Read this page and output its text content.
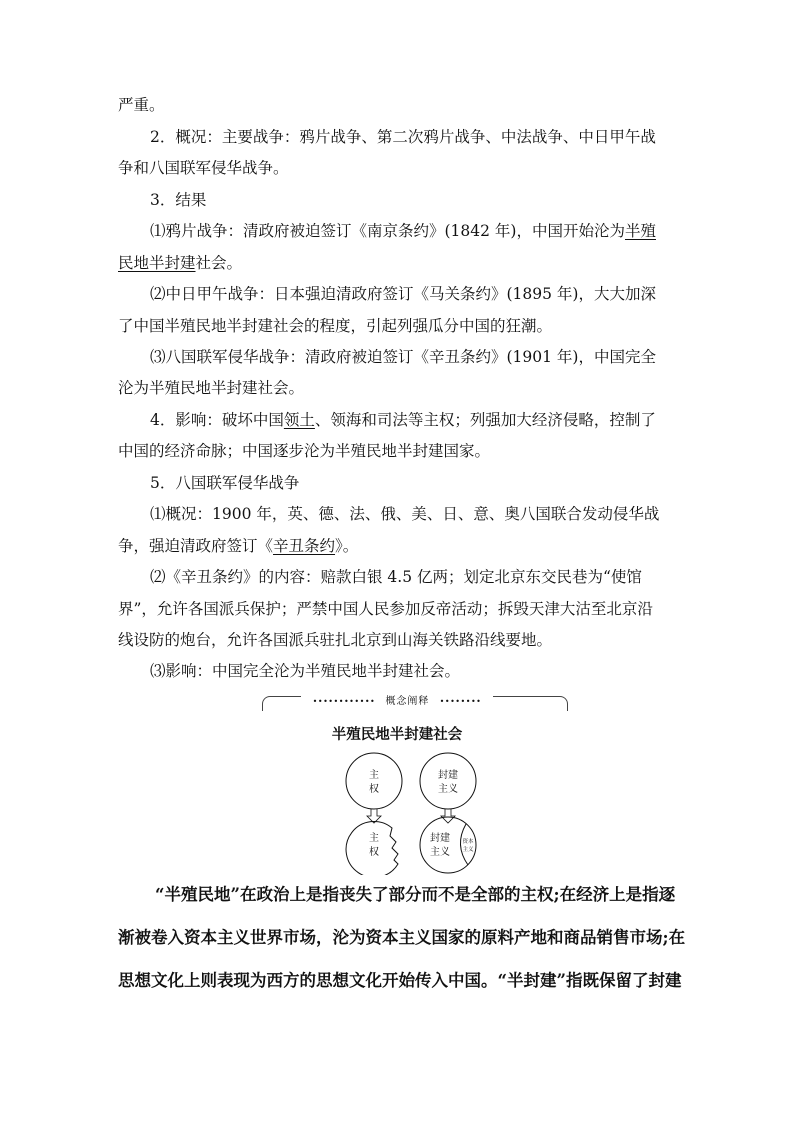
严重。
2．概况：主要战争：鸦片战争、第二次鸦片战争、中法战争、中日甲午战
争和八国联军侵华战争。
3．结果
⑴鸦片战争：清政府被迫签订《南京条约》(1842 年)，中国开始沦为半殖
民地半封建社会。
⑵中日甲午战争：日本强迫清政府签订《马关条约》(1895 年)，大大加深
了中国半殖民地半封建社会的程度，引起列强瓜分中国的狂潮。
⑶八国联军侵华战争：清政府被迫签订《辛丑条约》(1901 年)，中国完全
沦为半殖民地半封建社会。
4．影响：破坏中国领土、领海和司法等主权；列强加大经济侵略，控制了
中国的经济命脉；中国逐步沦为半殖民地半封建国家。
5．八国联军侵华战争
⑴概况：1900 年，英、德、法、俄、美、日、意、奥八国联合发动侵华战
争，强迫清政府签订《辛丑条约》。
⑵《辛丑条约》的内容：赔款白银 4.5 亿两；划定北京东交民巷为“使馆
界”，允许各国派兵保护；严禁中国人民参加反帝活动；拆毁天津大沽至北京沿
线设防的炮台，允许各国派兵驻扎北京到山海关铁路沿线要地。
⑶影响：中国完全沦为半殖民地半封建社会。
•••••••••••• 概念阐释 ••••••••
半殖民地半封建社会
主
权
封建
主义
主
权
封建
主义
资本
主义
“半殖民地”在政治上是指丧失了部分而不是全部的主权;在经济上是指逐
渐被卷入资本主义世界市场，沦为资本主义国家的原料产地和商品销售市场;在
思想文化上则表现为西方的思想文化开始传入中国。“半封建”指既保留了封建
